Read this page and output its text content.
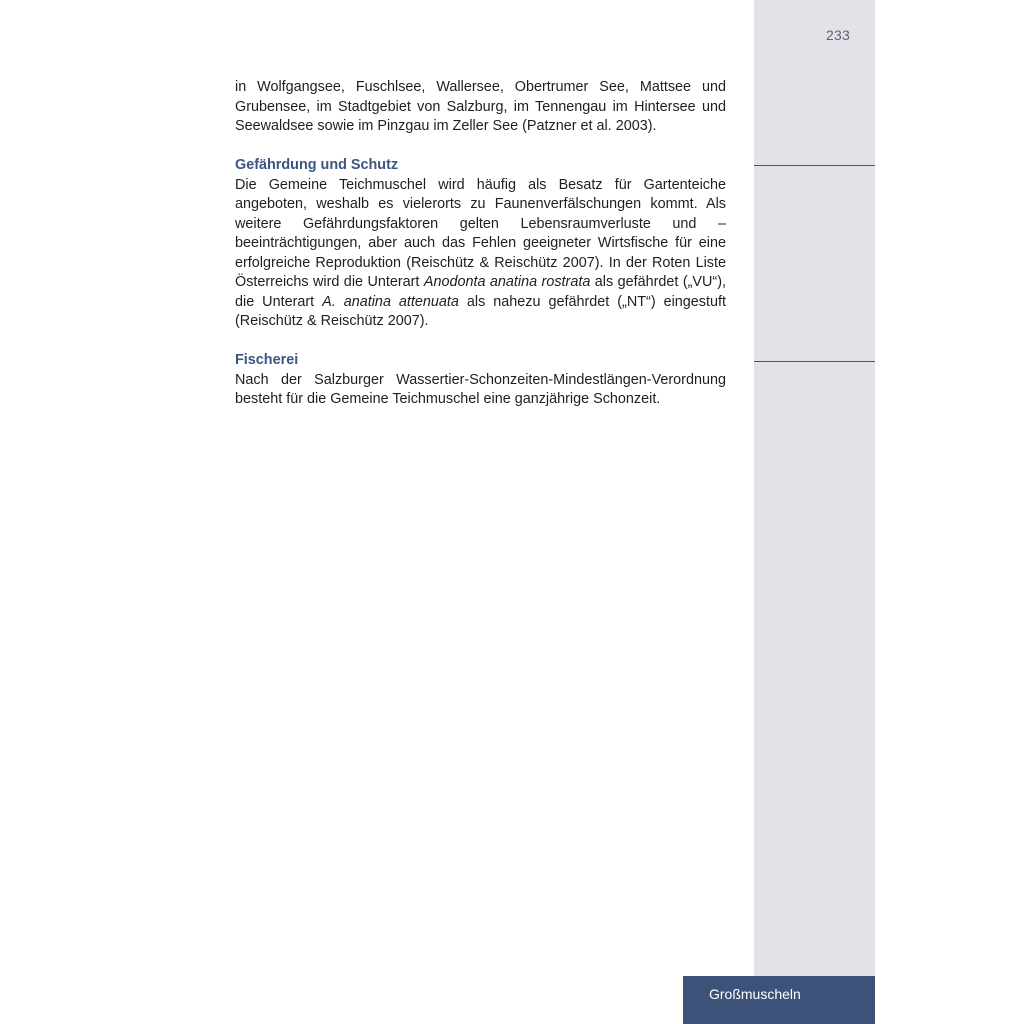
233

in Wolfgangsee, Fuschlsee, Wallersee, Obertrumer See, Mattsee und Grubensee, im Stadtgebiet von Salzburg, im Tennengau im Hintersee und Seewaldsee sowie im Pinzgau im Zeller See (Patzner et al. 2003).

Gefährdung und Schutz

Die Gemeine Teichmuschel wird häufig als Besatz für Gartenteiche angeboten, weshalb es vielerorts zu Faunenverfälschungen kommt. Als weitere Gefährdungsfaktoren gelten Lebensraumverluste und –beeinträchtigungen, aber auch das Fehlen geeigneter Wirtsfische für eine erfolgreiche Reproduktion (Reischütz & Reischütz 2007). In der Roten Liste Österreichs wird die Unterart Anodonta anatina rostrata als gefährdet („VU“), die Unterart A. anatina attenuata als nahezu gefährdet („NT“) eingestuft (Reischütz & Reischütz 2007).

Fischerei

Nach der Salzburger Wassertier-Schonzeiten-Mindestlängen-Verordnung besteht für die Gemeine Teichmuschel eine ganzjährige Schonzeit.

Großmuscheln
